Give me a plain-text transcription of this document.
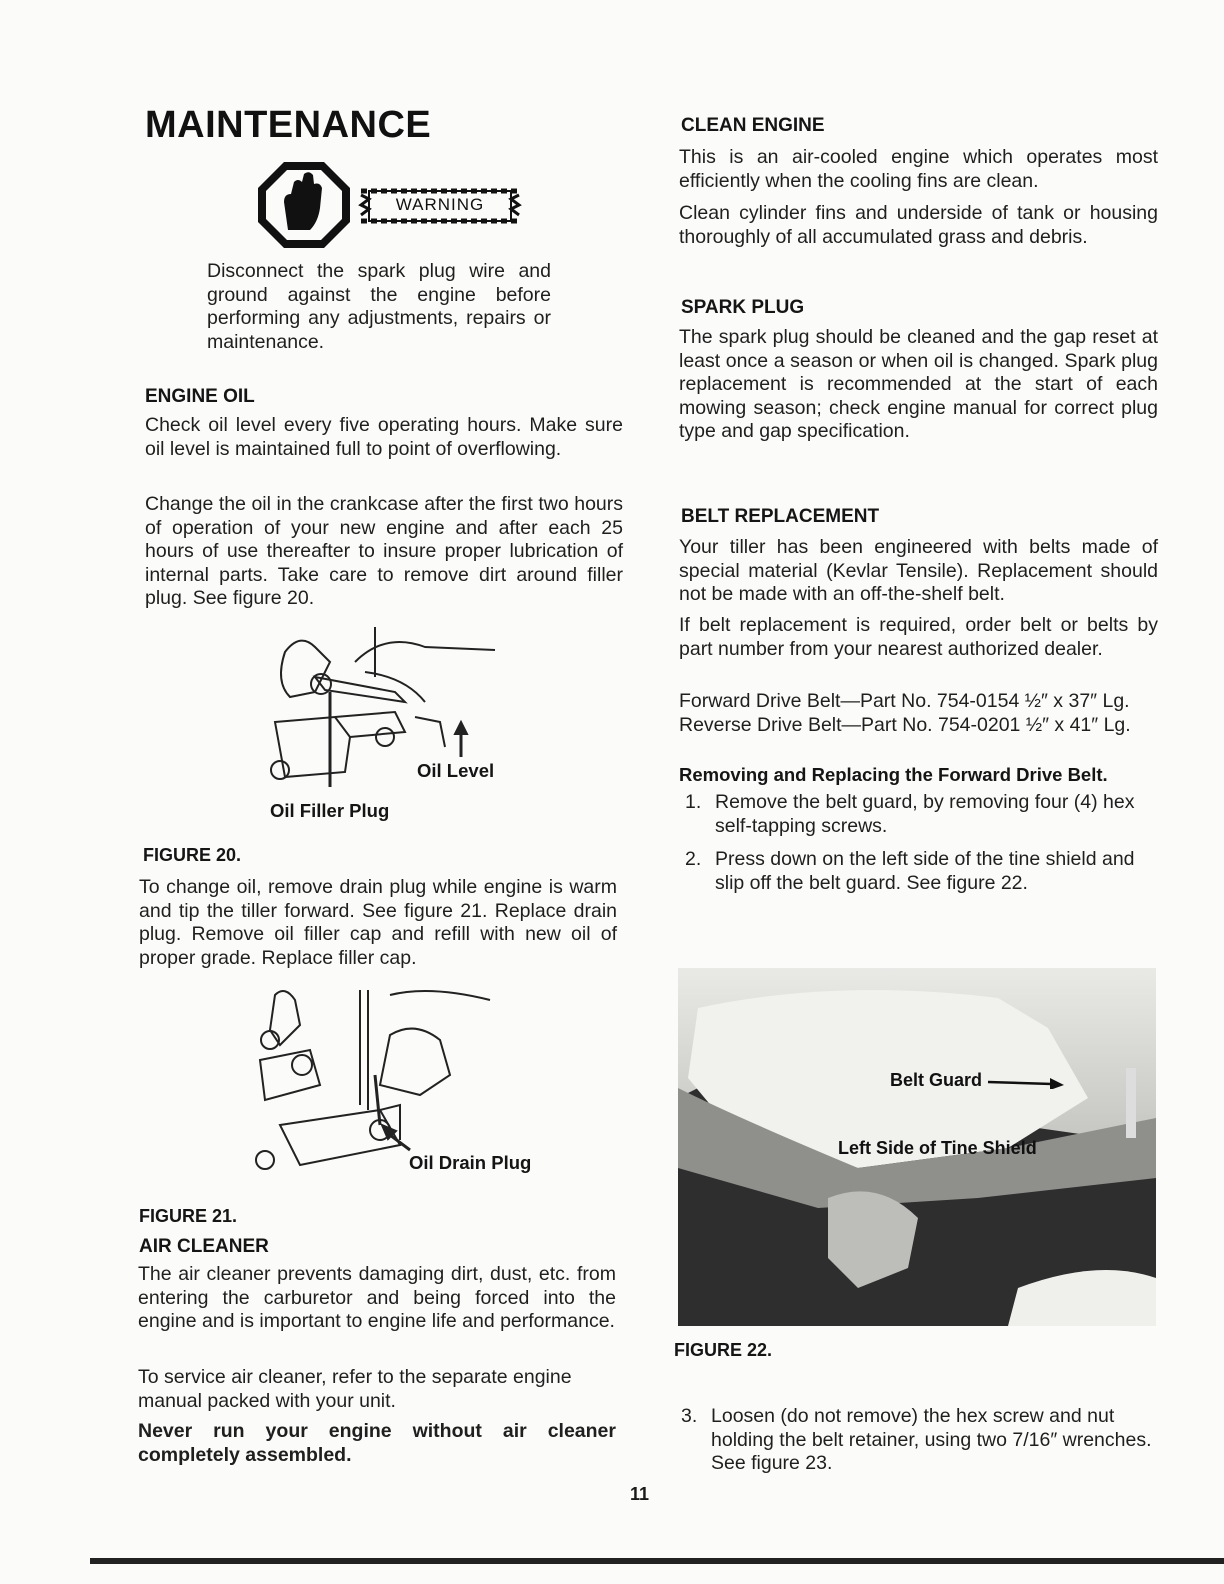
MAINTENANCE
WARNING

Disconnect the spark plug wire and ground against the engine before performing any adjustments, repairs or maintenance.

ENGINE OIL

Check oil level every five operating hours. Make sure oil level is maintained full to point of overflowing.

Change the oil in the crankcase after the first two hours of operation of your new engine and after each 25 hours of use thereafter to insure proper lubrication of internal parts. Take care to remove dirt around filler plug. See figure 20.

Oil Level
Oil Filler Plug
FIGURE 20.

To change oil, remove drain plug while engine is warm and tip the tiller forward. See figure 21. Replace drain plug. Remove oil filler cap and refill with new oil of proper grade. Replace filler cap.

Oil Drain Plug
FIGURE 21.
AIR CLEANER

The air cleaner prevents damaging dirt, dust, etc. from entering the carburetor and being forced into the engine and is important to engine life and performance.

To service air cleaner, refer to the separate engine manual packed with your unit.

Never run your engine without air cleaner completely assembled.

CLEAN ENGINE

This is an air-cooled engine which operates most efficiently when the cooling fins are clean.

Clean cylinder fins and underside of tank or housing thoroughly of all accumulated grass and debris.

SPARK PLUG

The spark plug should be cleaned and the gap reset at least once a season or when oil is changed. Spark plug replacement is recommended at the start of each mowing season; check engine manual for correct plug type and gap specification.

BELT REPLACEMENT

Your tiller has been engineered with belts made of special material (Kevlar Tensile). Replacement should not be made with an off-the-shelf belt.

If belt replacement is required, order belt or belts by part number from your nearest authorized dealer.

Forward Drive Belt—Part No. 754-0154 ½″ x 37″ Lg.
Reverse Drive Belt—Part No. 754-0201 ½″ x 41″ Lg.
Removing and Replacing the Forward Drive Belt.
1. Remove the belt guard, by removing four (4) hex self-tapping screws.
2. Press down on the left side of the tine shield and slip off the belt guard. See figure 22.
Belt Guard
Left Side of Tine Shield
FIGURE 22.
3. Loosen (do not remove) the hex screw and nut holding the belt retainer, using two 7/16″ wrenches. See figure 23.
11
